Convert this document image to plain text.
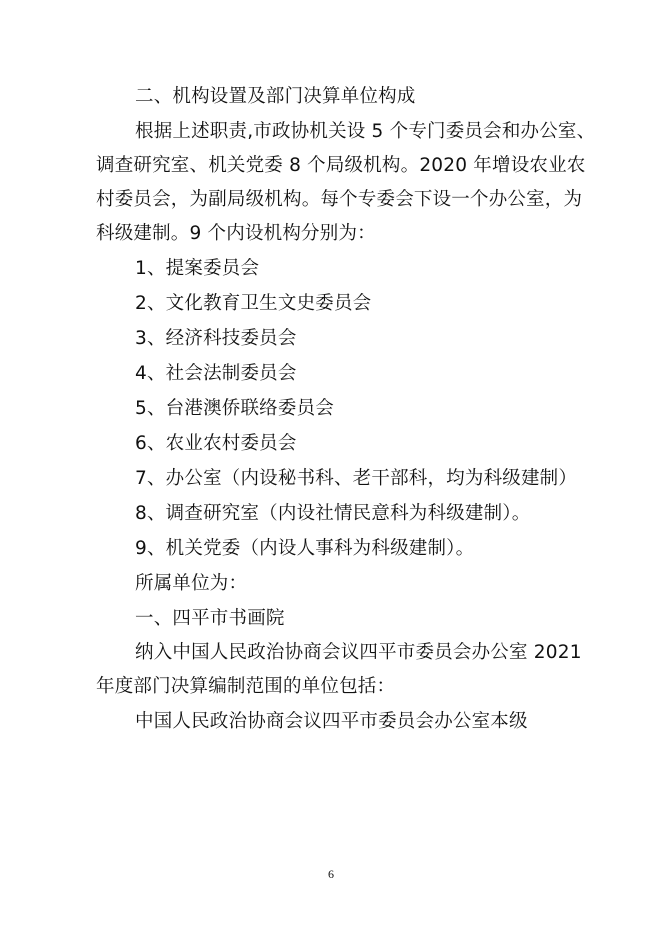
二、机构设置及部门决算单位构成
根据上述职责,市政协机关设 5 个专门委员会和办公室、
调查研究室、机关党委 8 个局级机构。2020 年增设农业农
村委员会，为副局级机构。每个专委会下设一个办公室，为
科级建制。9 个内设机构分别为：
1、提案委员会
2、文化教育卫生文史委员会
3、经济科技委员会
4、社会法制委员会
5、台港澳侨联络委员会
6、农业农村委员会
7、办公室（内设秘书科、老干部科，均为科级建制）
8、调查研究室（内设社情民意科为科级建制）。
9、机关党委（内设人事科为科级建制）。
所属单位为：
一、四平市书画院
纳入中国人民政治协商会议四平市委员会办公室 2021
年度部门决算编制范围的单位包括：
中国人民政治协商会议四平市委员会办公室本级
6
